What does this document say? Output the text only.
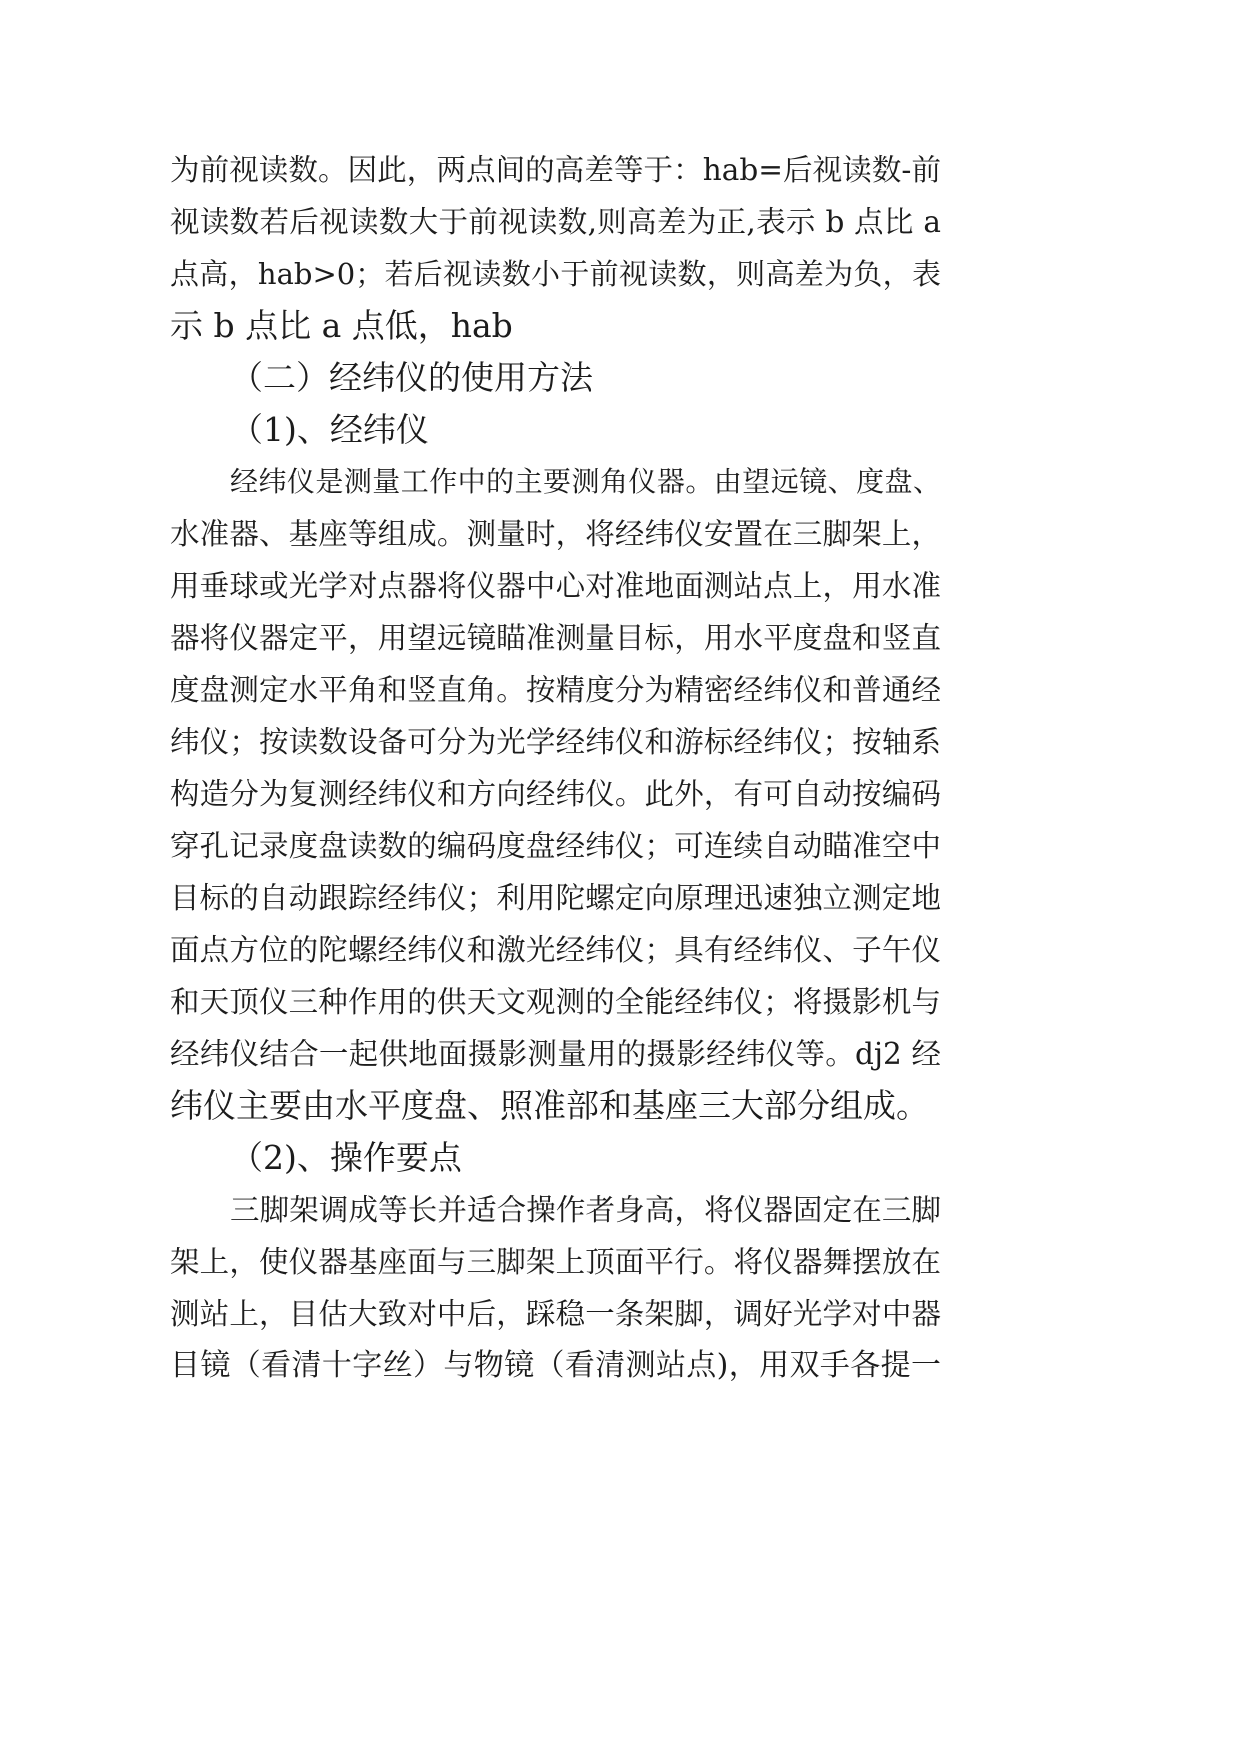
为前视读数。因此，两点间的高差等于：hab=后视读数-前

视读数若后视读数大于前视读数,则高差为正,表示 b 点比 a

点高，hab>0；若后视读数小于前视读数，则高差为负，表

示 b 点比 a 点低，hab

（二）经纬仪的使用方法

（1)、经纬仪

经纬仪是测量工作中的主要测角仪器。由望远镜、度盘、

水准器、基座等组成。测量时，将经纬仪安置在三脚架上，

用垂球或光学对点器将仪器中心对准地面测站点上，用水准

器将仪器定平，用望远镜瞄准测量目标，用水平度盘和竖直

度盘测定水平角和竖直角。按精度分为精密经纬仪和普通经

纬仪；按读数设备可分为光学经纬仪和游标经纬仪；按轴系

构造分为复测经纬仪和方向经纬仪。此外，有可自动按编码

穿孔记录度盘读数的编码度盘经纬仪；可连续自动瞄准空中

目标的自动跟踪经纬仪；利用陀螺定向原理迅速独立测定地

面点方位的陀螺经纬仪和激光经纬仪；具有经纬仪、子午仪

和天顶仪三种作用的供天文观测的全能经纬仪；将摄影机与

经纬仪结合一起供地面摄影测量用的摄影经纬仪等。dj2 经

纬仪主要由水平度盘、照准部和基座三大部分组成。

（2)、操作要点

三脚架调成等长并适合操作者身高，将仪器固定在三脚

架上，使仪器基座面与三脚架上顶面平行。将仪器舞摆放在

测站上，目估大致对中后，踩稳一条架脚，调好光学对中器

目镜（看清十字丝）与物镜（看清测站点)，用双手各提一
